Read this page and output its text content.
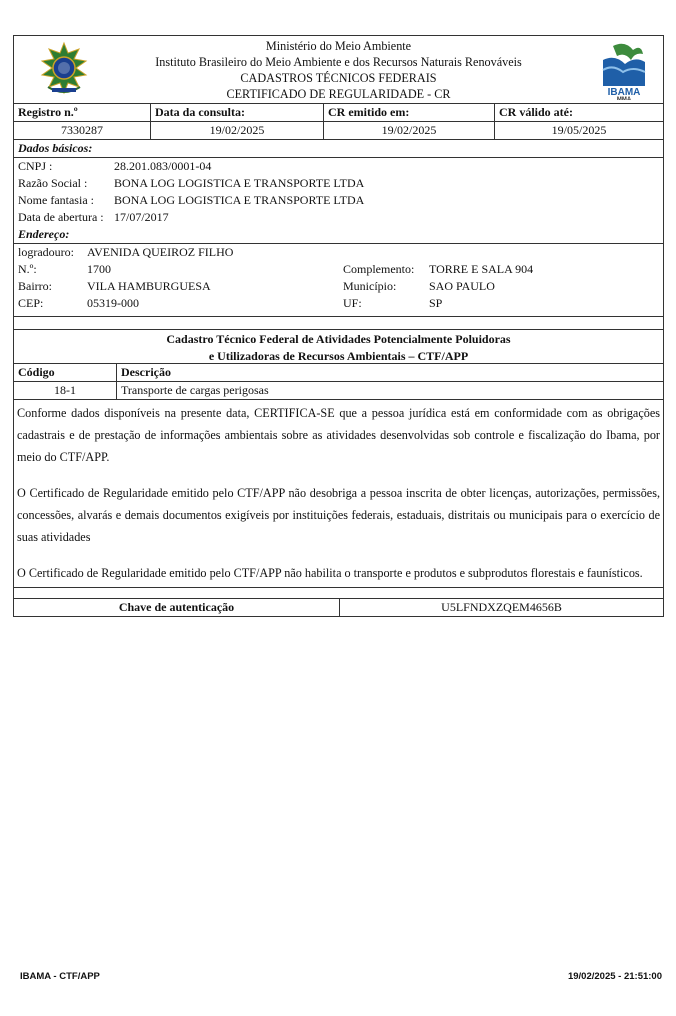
Ministério do Meio Ambiente
Instituto Brasileiro do Meio Ambiente e dos Recursos Naturais Renováveis
CADASTROS TÉCNICOS FEDERAIS
CERTIFICADO DE REGULARIDADE - CR	IBAMA
MMA
Registro n.º	Data da consulta:	CR emitido em:	CR válido até:
7330287	19/02/2025	19/02/2025	19/05/2025
Dados básicos:
CNPJ :	28.201.083/0001-04
Razão Social : BONA LOG LOGISTICA E TRANSPORTE LTDA
Nome fantasia : BONA LOG LOGISTICA E TRANSPORTE LTDA
Data de abertura : 17/07/2017
Endereço:
logradouro: AVENIDA QUEIROZ FILHO
N.º:	1700	Complemento: TORRE E SALA 904
Bairro:	VILA HAMBURGUESA	Município:	SAO PAULO
CEP:	05319-000	UF:	SP
Cadastro Técnico Federal de Atividades Potencialmente Poluidoras
e Utilizadoras de Recursos Ambientais – CTF/APP
Código	Descrição
18-1	Transporte de cargas perigosas
Conforme dados disponíveis na presente data, CERTIFICA-SE que a pessoa jurídica está em conformidade com as obrigações cadastrais e de prestação de informações ambientais sobre as atividades desenvolvidas sob controle e fiscalização do Ibama, por meio do CTF/APP.
O Certificado de Regularidade emitido pelo CTF/APP não desobriga a pessoa inscrita de obter licenças, autorizações, permissões, concessões, alvarás e demais documentos exigíveis por instituições federais, estaduais, distritais ou municipais para o exercício de suas atividades
O Certificado de Regularidade emitido pelo CTF/APP não habilita o transporte e produtos e subprodutos florestais e faunísticos.
Chave de autenticação	U5LFNDXZQEM4656B
IBAMA - CTF/APP	19/02/2025 - 21:51:00
